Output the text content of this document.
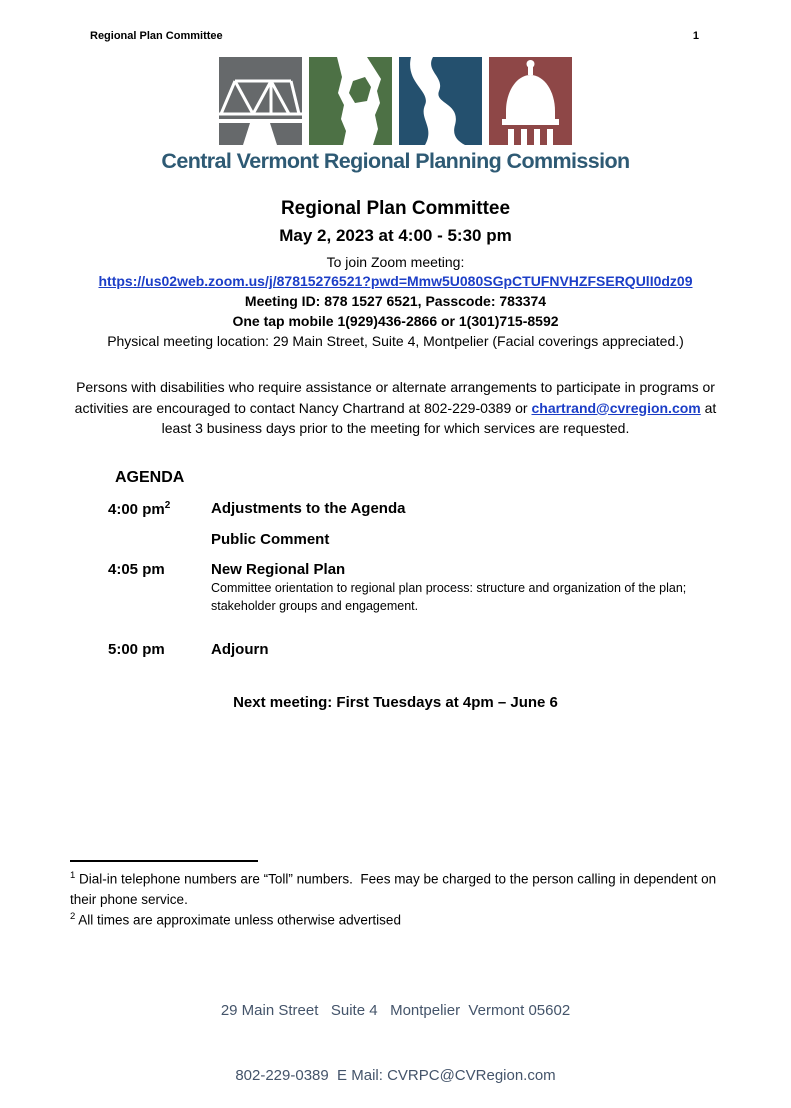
Regional Plan Committee	1
Central Vermont Regional Planning Commission
Regional Plan Committee
May 2, 2023 at 4:00 - 5:30 pm
To join Zoom meeting:
https://us02web.zoom.us/j/87815276521?pwd=Mmw5U080SGpCTUFNVHZFSERQUlI0dz09
Meeting ID: 878 1527 6521, Passcode: 783374
One tap mobile 1(929)436-2866 or 1(301)715-8592
Physical meeting location: 29 Main Street, Suite 4, Montpelier (Facial coverings appreciated.)

Persons with disabilities who require assistance or alternate arrangements to participate in programs or activities are encouraged to contact Nancy Chartrand at 802-229-0389 or chartrand@cvregion.com at least 3 business days prior to the meeting for which services are requested.

AGENDA
4:00 $pm^2$	Adjustments to the Agenda
Public Comment
4:05 pm	New Regional Plan
Committee orientation to regional plan process: structure and organization of the plan; stakeholder groups and engagement.
5:00 pm	Adjourn
Next meeting: First Tuesdays at 4pm – June 6
$^1$ Dial-in telephone numbers are “Toll” numbers.  Fees may be charged to the person calling in dependent on their phone service.
$^2$ All times are approximate unless otherwise advertised

29 Main Street   Suite 4   Montpelier  Vermont 05602

802-229-0389  E Mail: CVRPC@CVRegion.com
